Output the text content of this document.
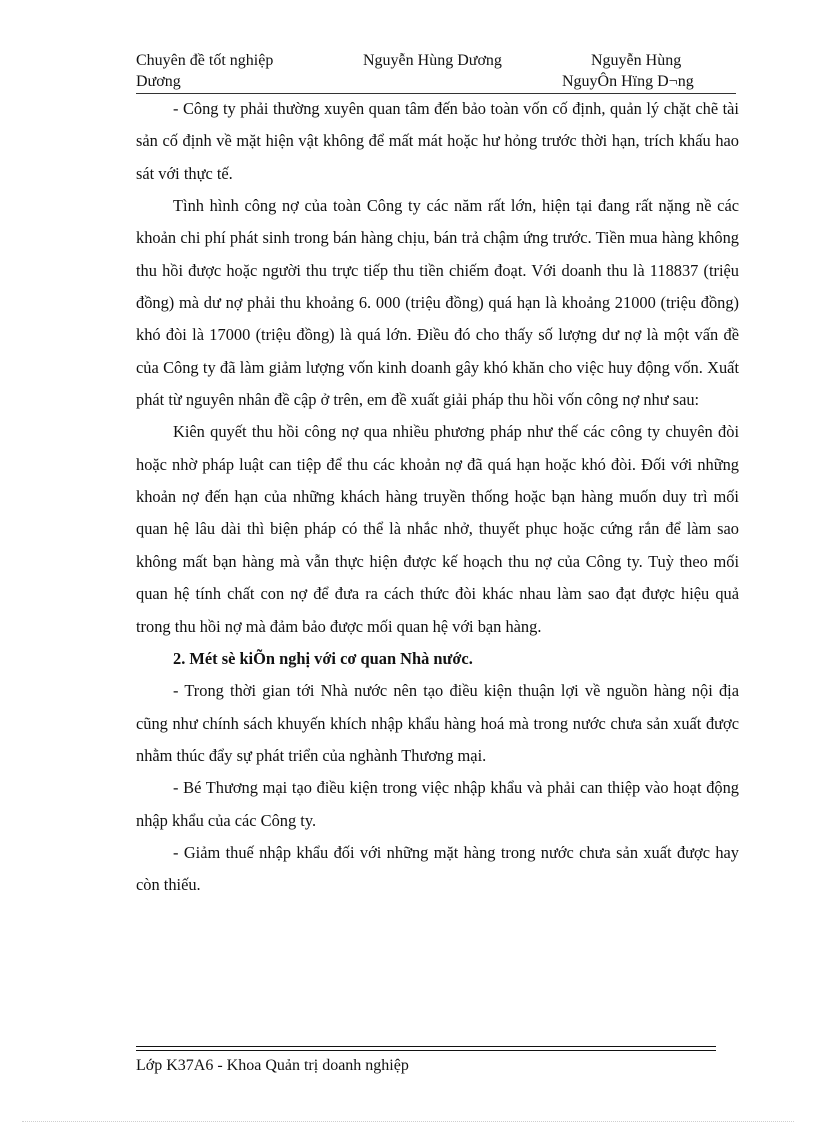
Chuyên đề tốt nghiệp
Dương
Nguyễn Hùng Dương	Nguyễn Hùng
NguyÔn Hïng D¬ng

- Công ty phải thường xuyên quan tâm đến bảo toàn vốn cố định, quản lý chặt chẽ tài sản cố định về mặt hiện vật không để mất mát hoặc hư hỏng trước thời hạn, trích khấu hao sát với thực tế.

Tình hình công nợ của toàn Công ty các năm rất lớn, hiện tại đang rất nặng nề các khoản chi phí phát sinh trong bán hàng chịu, bán trả chậm ứng trước. Tiền mua hàng không thu hồi được hoặc người thu trực tiếp thu tiền chiếm đoạt. Với doanh thu là 118837 (triệu đồng) mà dư nợ phải thu khoảng 6. 000 (triệu đồng) quá hạn là khoảng 21000 (triệu đồng) khó đòi là 17000 (triệu đồng) là quá lớn. Điều đó cho thấy số lượng dư nợ là một vấn đề của Công ty đã làm giảm lượng vốn kinh doanh gây khó khăn cho việc huy động vốn. Xuất phát từ nguyên nhân đề cập ở trên, em đề xuất giải pháp thu hồi vốn công nợ như sau:

Kiên quyết thu hồi công nợ qua nhiều phương pháp như thế các công ty chuyên đòi hoặc nhờ pháp luật can tiệp để thu các khoản nợ đã quá hạn hoặc khó đòi. Đối với những khoản nợ đến hạn của những khách hàng truyền thống hoặc bạn hàng muốn duy trì mối quan hệ lâu dài thì biện pháp có thể là nhắc nhở, thuyết phục hoặc cứng rắn để làm sao không mất bạn hàng mà vẫn thực hiện được kế hoạch thu nợ của Công ty. Tuỳ theo mối quan hệ tính chất con nợ để đưa ra cách thức đòi khác nhau làm sao đạt được hiệu quả trong thu hồi nợ mà đảm bảo được mối quan hệ với bạn hàng.

2. Mét sè kiÕn nghị với cơ quan Nhà nước.

- Trong thời gian tới Nhà nước nên tạo điều kiện thuận lợi về nguồn hàng nội địa cũng như chính sách khuyến khích nhập khẩu hàng hoá mà trong nước chưa sản xuất được nhằm thúc đẩy sự phát triển của nghành Thương mại.

- Bé Thương mại tạo điều kiện trong việc nhập khẩu và phải can thiệp vào hoạt động nhập khẩu của các Công ty.

- Giảm thuế nhập khẩu đối với những mặt hàng trong nước chưa sản xuất được hay còn thiếu.

Lớp K37A6 - Khoa Quản trị doanh nghiệp
